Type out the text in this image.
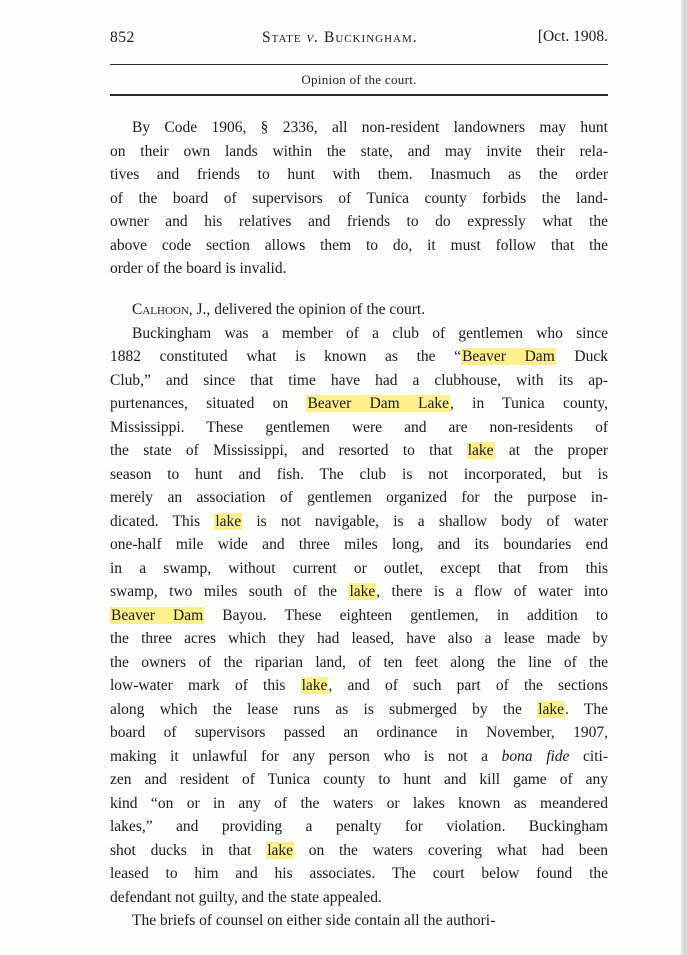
852	State v. Buckingham.	[Oct. 1908.
Opinion of the court.
By Code 1906, § 2336, all non-resident landowners may hunt
on their own lands within the state, and may invite their rela-
tives and friends to hunt with them. Inasmuch as the order
of the board of supervisors of Tunica county forbids the land-
owner and his relatives and friends to do expressly what the
above code section allows them to do, it must follow that the
order of the board is invalid.
Calhoon, J., delivered the opinion of the court.
Buckingham was a member of a club of gentlemen who since
1882 constituted what is known as the “Beaver Dam Duck
Club,” and since that time have had a clubhouse, with its ap-
purtenances, situated on Beaver Dam Lake, in Tunica county,
Mississippi. These gentlemen were and are non-residents of
the state of Mississippi, and resorted to that lake at the proper
season to hunt and fish. The club is not incorporated, but is
merely an association of gentlemen organized for the purpose in-
dicated. This lake is not navigable, is a shallow body of water
one-half mile wide and three miles long, and its boundaries end
in a swamp, without current or outlet, except that from this
swamp, two miles south of the lake, there is a flow of water into
Beaver Dam Bayou. These eighteen gentlemen, in addition to
the three acres which they had leased, have also a lease made by
the owners of the riparian land, of ten feet along the line of the
low-water mark of this lake, and of such part of the sections
along which the lease runs as is submerged by the lake. The
board of supervisors passed an ordinance in November, 1907,
making it unlawful for any person who is not a bona fide citi-
zen and resident of Tunica county to hunt and kill game of any
kind “on or in any of the waters or lakes known as meandered
lakes,” and providing a penalty for violation. Buckingham
shot ducks in that lake on the waters covering what had been
leased to him and his associates. The court below found the
defendant not guilty, and the state appealed.
The briefs of counsel on either side contain all the authori-
